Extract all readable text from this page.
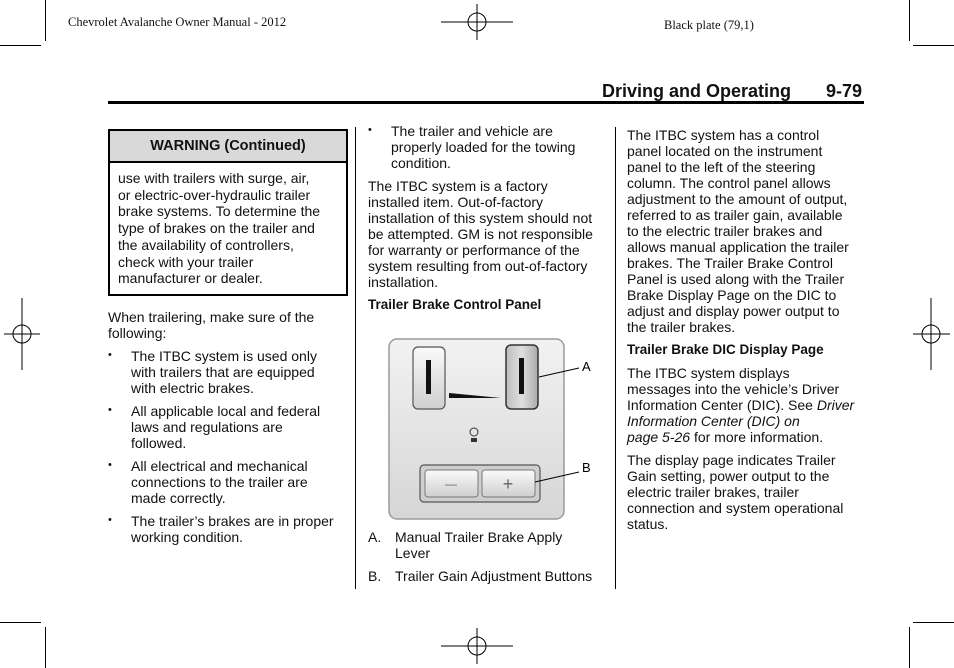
Chevrolet Avalanche Owner Manual - 2012	Black plate (79,1)
Driving and Operating 9-79
WARNING (Continued)
use with trailers with surge, air,
or electric-over-hydraulic trailer
brake systems. To determine the
type of brakes on the trailer and
the availability of controllers,
check with your trailer
manufacturer or dealer.

When trailering, make sure of the
following:

• The ITBC system is used only
with trailers that are equipped
with electric brakes.
• All applicable local and federal
laws and regulations are
followed.
• All electrical and mechanical
connections to the trailer are
made correctly.
• The trailer’s brakes are in proper
working condition.
• The trailer and vehicle are
properly loaded for the towing
condition.

The ITBC system is a factory
installed item. Out-of-factory
installation of this system should not
be attempted. GM is not responsible
for warranty or performance of the
system resulting from out-of-factory
installation.

Trailer Brake Control Panel
—	+
A
B
A. Manual Trailer Brake Apply
Lever
B. Trailer Gain Adjustment Buttons

The ITBC system has a control
panel located on the instrument
panel to the left of the steering
column. The control panel allows
adjustment to the amount of output,
referred to as trailer gain, available
to the electric trailer brakes and
allows manual application the trailer
brakes. The Trailer Brake Control
Panel is used along with the Trailer
Brake Display Page on the DIC to
adjust and display power output to
the trailer brakes.

Trailer Brake DIC Display Page

The ITBC system displays
messages into the vehicle’s Driver
Information Center (DIC). See Driver
Information Center (DIC) on
page 5-26 for more information.

The display page indicates Trailer
Gain setting, power output to the
electric trailer brakes, trailer
connection and system operational
status.
